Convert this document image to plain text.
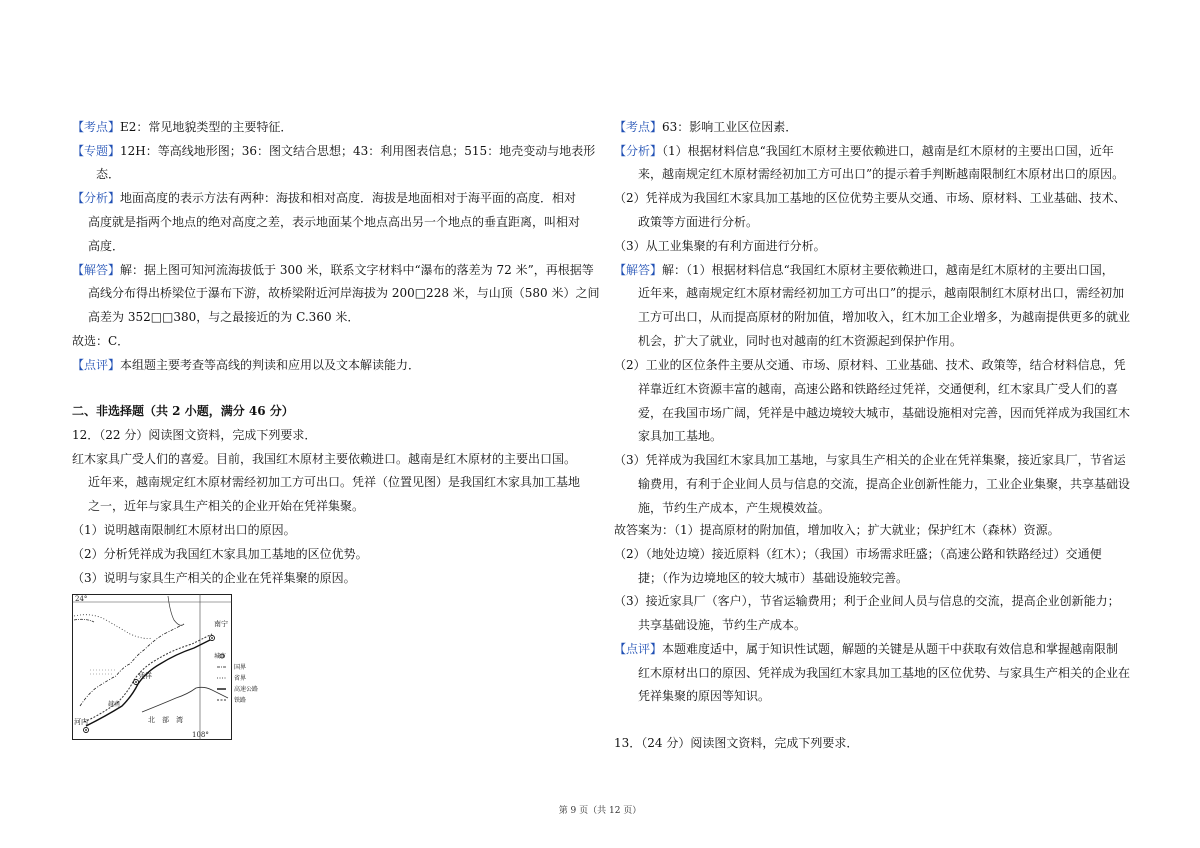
【考点】E2：常见地貌类型的主要特征．
【专题】12H：等高线地形图；36：图文结合思想；43：利用图表信息；515：地壳变动与地表形
态．
【分析】地面高度的表示方法有两种：海拔和相对高度．海拔是地面相对于海平面的高度．相对
高度就是指两个地点的绝对高度之差，表示地面某个地点高出另一个地点的垂直距离，叫相对
高度．
【解答】解：据上图可知河流海拔低于 300 米，联系文字材料中“瀑布的落差为 72 米”，再根据等
高线分布得出桥梁位于瀑布下游，故桥梁附近河岸海拔为 200□228 米，与山顶（580 米）之间
高差为 352□□380，与之最接近的为 C.360 米．
故选：C．
【点评】本组题主要考查等高线的判读和应用以及文本解读能力．
二、非选择题（共 2 小题，满分 46 分）
12．（22 分）阅读图文资料，完成下列要求．
红木家具广受人们的喜爱。目前，我国红木原材主要依赖进口。越南是红木原材的主要出口国。
近年来，越南规定红木原材需经初加工方可出口。凭祥（位置见图）是我国红木家具加工基地
之一，近年与家具生产相关的企业开始在凭祥集聚。
（1）说明越南限制红木原材出口的原因。
（2）分析凭祥成为我国红木家具加工基地的区位优势。
（3）说明与家具生产相关的企业在凭祥集聚的原因。
24°
108°
南宁
凭祥
河内	北　部　湾
越南
城市
国界
省界
高速公路
铁路
【考点】63：影响工业区位因素．
【分析】（1）根据材料信息“我国红木原材主要依赖进口，越南是红木原材的主要出口国，近年
来，越南规定红木原材需经初加工方可出口”的提示着手判断越南限制红木原材出口的原因。
（2）凭祥成为我国红木家具加工基地的区位优势主要从交通、市场、原材料、工业基础、技术、
政策等方面进行分析。
（3）从工业集聚的有利方面进行分析。
【解答】解：（1）根据材料信息“我国红木原材主要依赖进口，越南是红木原材的主要出口国，
近年来，越南规定红木原材需经初加工方可出口”的提示，越南限制红木原材出口，需经初加
工方可出口，从而提高原材的附加值，增加收入，红木加工企业增多，为越南提供更多的就业
机会，扩大了就业，同时也对越南的红木资源起到保护作用。
（2）工业的区位条件主要从交通、市场、原材料、工业基础、技术、政策等，结合材料信息，凭
祥靠近红木资源丰富的越南，高速公路和铁路经过凭祥，交通便利，红木家具广受人们的喜
爱，在我国市场广阔，凭祥是中越边境较大城市，基础设施相对完善，因而凭祥成为我国红木
家具加工基地。
（3）凭祥成为我国红木家具加工基地，与家具生产相关的企业在凭祥集聚，接近家具厂，节省运
输费用，有利于企业间人员与信息的交流，提高企业创新性能力，工业企业集聚，共享基础设
施，节约生产成本，产生规模效益。
故答案为：（1）提高原材的附加值，增加收入；扩大就业；保护红木（森林）资源。
（2）（地处边境）接近原料（红木）；（我国）市场需求旺盛；（高速公路和铁路经过）交通便
捷；（作为边境地区的较大城市）基础设施较完善。
（3）接近家具厂（客户），节省运输费用；利于企业间人员与信息的交流，提高企业创新能力；
共享基础设施，节约生产成本。
【点评】本题难度适中，属于知识性试题，解题的关键是从题干中获取有效信息和掌握越南限制
红木原材出口的原因、凭祥成为我国红木家具加工基地的区位优势、与家具生产相关的企业在
凭祥集聚的原因等知识。
13．（24 分）阅读图文资料，完成下列要求．
第 9 页（共 12 页）
